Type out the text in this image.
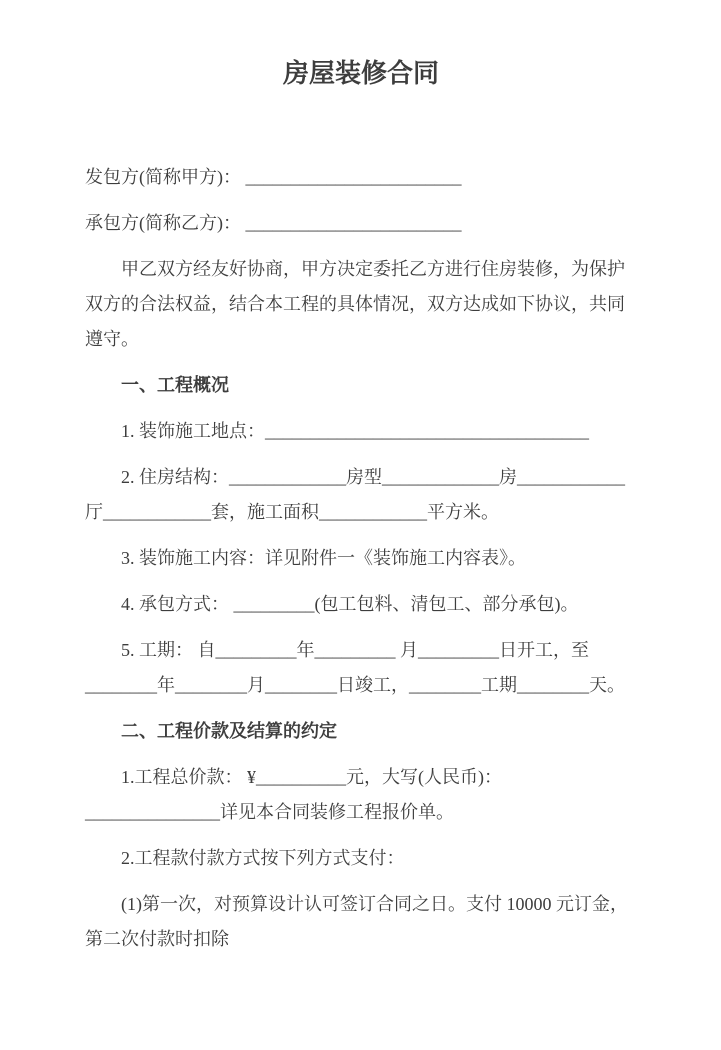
房屋装修合同

发包方(简称甲方)： ________________________

承包方(简称乙方)： ________________________

甲乙双方经友好协商，甲方决定委托乙方进行住房装修，为保护

双方的合法权益，结合本工程的具体情况，双方达成如下协议，共同

遵守。

一、工程概况

1. 装饰施工地点：____________________________________

2. 住房结构：_____________房型_____________房____________

厅____________套，施工面积____________平方米。

3. 装饰施工内容：详见附件一《装饰施工内容表》。

4. 承包方式： _________(包工包料、清包工、部分承包)。

5. 工期： 自_________年_________ 月_________日开工，至

________年________月________日竣工，________工期________天。

二、工程价款及结算的约定

1.工程总价款： ¥__________元，大写(人民币)：

_______________详见本合同装修工程报价单。

2.工程款付款方式按下列方式支付：

(1)第一次，对预算设计认可签订合同之日。支付 10000 元订金，

第二次付款时扣除
